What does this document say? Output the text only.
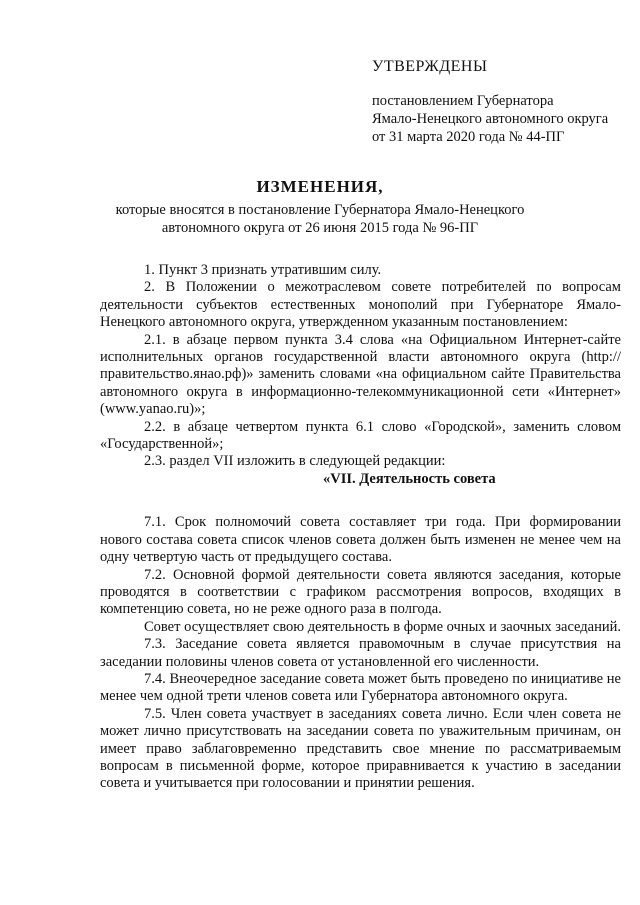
УТВЕРЖДЕНЫ
постановлением Губернатора
Ямало-Ненецкого автономного округа
от 31 марта 2020 года № 44-ПГ
ИЗМЕНЕНИЯ,
которые вносятся в постановление Губернатора Ямало-Ненецкого
автономного округа от 26 июня 2015 года № 96-ПГ

1. Пункт 3 признать утратившим силу.

2. В Положении о межотраслевом совете потребителей по вопросам деятельности субъектов естественных монополий при Губернаторе Ямало-Ненецкого автономного округа, утвержденном указанным постановлением:

2.1. в абзаце первом пункта 3.4 слова «на Официальном Интернет-сайте исполнительных органов государственной власти автономного округа (http://правительство.янао.рф)» заменить словами «на официальном сайте Правительства автономного округа в информационно-телекоммуникационной сети «Интернет» (www.yanao.ru)»;

2.2. в абзаце четвертом пункта 6.1 слово «Городской», заменить словом «Государственной»;

2.3. раздел VII изложить в следующей редакции:

«VII. Деятельность совета

7.1. Срок полномочий совета составляет три года. При формировании нового состава совета список членов совета должен быть изменен не менее чем на одну четвертую часть от предыдущего состава.

7.2. Основной формой деятельности совета являются заседания, которые проводятся в соответствии с графиком рассмотрения вопросов, входящих в компетенцию совета, но не реже одного раза в полгода.

Совет осуществляет свою деятельность в форме очных и заочных заседаний.

7.3. Заседание совета является правомочным в случае присутствия на заседании половины членов совета от установленной его численности.

7.4. Внеочередное заседание совета может быть проведено по инициативе не менее чем одной трети членов совета или Губернатора автономного округа.

7.5. Член совета участвует в заседаниях совета лично. Если член совета не может лично присутствовать на заседании совета по уважительным причинам, он имеет право заблаговременно представить свое мнение по рассматриваемым вопросам в письменной форме, которое приравнивается к участию в заседании совета и учитывается при голосовании и принятии решения.
